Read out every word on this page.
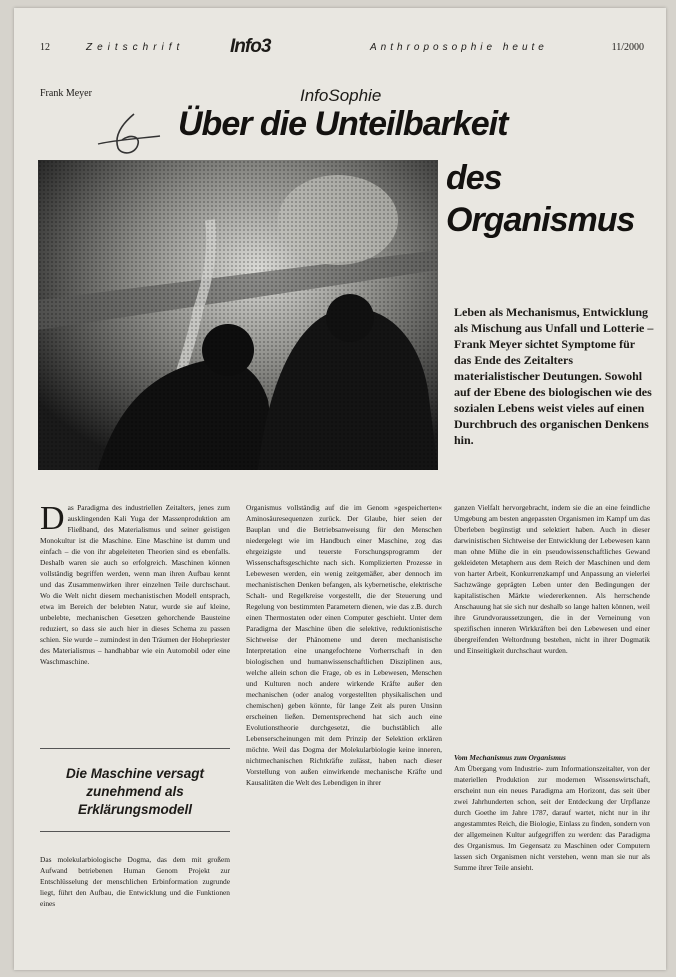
12	Zeitschrift Info3	Anthroposophie heute	11/2000
Frank Meyer	InfoSophie
Über die Unteilbarkeit
des
Organismus

Leben als Mechanismus, Entwicklung als Mischung aus Unfall und Lotterie – Frank Meyer sichtet Symptome für das Ende des Zeitalters materialistischer Deutungen. Sowohl auf der Ebene des biologischen wie des sozialen Lebens weist vieles auf einen Durchbruch des organischen Denkens hin.

D as Paradigma des industriellen Zeitalters, jenes zum ausklingenden Kali Yuga der Massenproduktion am Fließband, des Materialismus und seiner geistigen Monokultur ist die Maschine. Eine Maschine ist dumm und einfach – die von ihr abgeleiteten Theorien sind es ebenfalls. Deshalb waren sie auch so erfolgreich. Maschinen können vollständig begriffen werden, wenn man ihren Aufbau kennt und das Zusammenwirken ihrer einzelnen Teile durchschaut. Wo die Welt nicht diesem mechanistischen Modell entsprach, etwa im Bereich der belebten Natur, wurde sie auf kleine, unbelebte, mechanischen Gesetzen gehorchende Bausteine reduziert, so dass sie auch hier in dieses Schema zu passen schien. Sie wurde – zumindest in den Träumen der Hohepriester des Materialismus – handhabbar wie ein Automobil oder eine Waschmaschine.
Die Maschine versagt zunehmend als Erklärungsmodell

Das molekularbiologische Dogma, das dem mit großem Aufwand betriebenen Human Genom Projekt zur Entschlüsselung der menschlichen Erbinformation zugrunde liegt, führt den Aufbau, die Entwicklung und die Funktionen eines

Organismus vollständig auf die im Genom »gespeicherten« Aminosäuresequenzen zurück. Der Glaube, hier seien der Bauplan und die Betriebsanweisung für den Menschen niedergelegt wie im Handbuch einer Maschine, zog das ehrgeizigste und teuerste Forschungsprogramm der Wissenschaftsgeschichte nach sich. Komplizierten Prozesse in Lebewesen werden, ein wenig zeitgemäßer, aber dennoch im mechanistischen Denken befangen, als kybernetische, elektrische Schalt- und Regelkreise vorgestellt, die der Steuerung und Regelung von bestimmten Parametern dienen, wie das z.B. durch einen Thermostaten oder einen Computer geschieht. Unter dem Paradigma der Maschine üben die selektive, reduktionistische Sichtweise der Phänomene und deren mechanistische Interpretation eine unangefochtene Vorherrschaft in den biologischen und humanwissenschaftlichen Disziplinen aus, welche allein schon die Frage, ob es in Lebewesen, Menschen und Kulturen noch andere wirkende Kräfte außer den mechanischen (oder analog vorgestellten physikalischen und chemischen) geben könnte, für lange Zeit als puren Unsinn erscheinen ließen. Dementsprechend hat sich auch eine Evolutionstheorie durchgesetzt, die buchstäblich alle Lebenserscheinungen mit dem Prinzip der Selektion erklären möchte. Weil das Dogma der Molekularbiologie keine inneren, nichtmechanischen Richtkräfte zulässt, haben nach dieser Vorstellung von außen einwirkende mechanische Kräfte und Kausalitäten die Welt des Lebendigen in ihrer

ganzen Vielfalt hervorgebracht, indem sie die an eine feindliche Umgebung am besten angepassten Organismen im Kampf um das Überleben begünstigt und selektiert haben. Auch in dieser darwinistischen Sichtweise der Entwicklung der Lebewesen kann man ohne Mühe die in ein pseudowissenschaftliches Gewand gekleideten Metaphern aus dem Reich der Maschinen und dem von harter Arbeit, Konkurrenzkampf und Anpassung an vielerlei Sachzwänge geprägten Leben unter den Bedingungen der kapitalistischen Märkte wiedererkennen. Als herrschende Anschauung hat sie sich nur deshalb so lange halten können, weil ihre Grundvoraussetzungen, die in der Verneinung von spezifischen inneren Wirkkräften bei den Lebewesen und einer übergreifenden Weltordnung bestehen, nicht in ihrer Dogmatik und Einseitigkeit durchschaut wurden.

Vom Mechanismus zum Organismus
Am Übergang vom Industrie- zum Informationszeitalter, von der materiellen Produktion zur modernen Wissenswirtschaft, erscheint nun ein neues Paradigma am Horizont, das seit über zwei Jahrhunderten schon, seit der Entdeckung der Urpflanze durch Goethe im Jahre 1787, darauf wartet, nicht nur in ihr angestammtes Reich, die Biologie, Einlass zu finden, sondern von der allgemeinen Kultur aufgegriffen zu werden: das Paradigma des Organismus. Im Gegensatz zu Maschinen oder Computern lassen sich Organismen nicht verstehen, wenn man sie nur als Summe ihrer Teile ansieht.
